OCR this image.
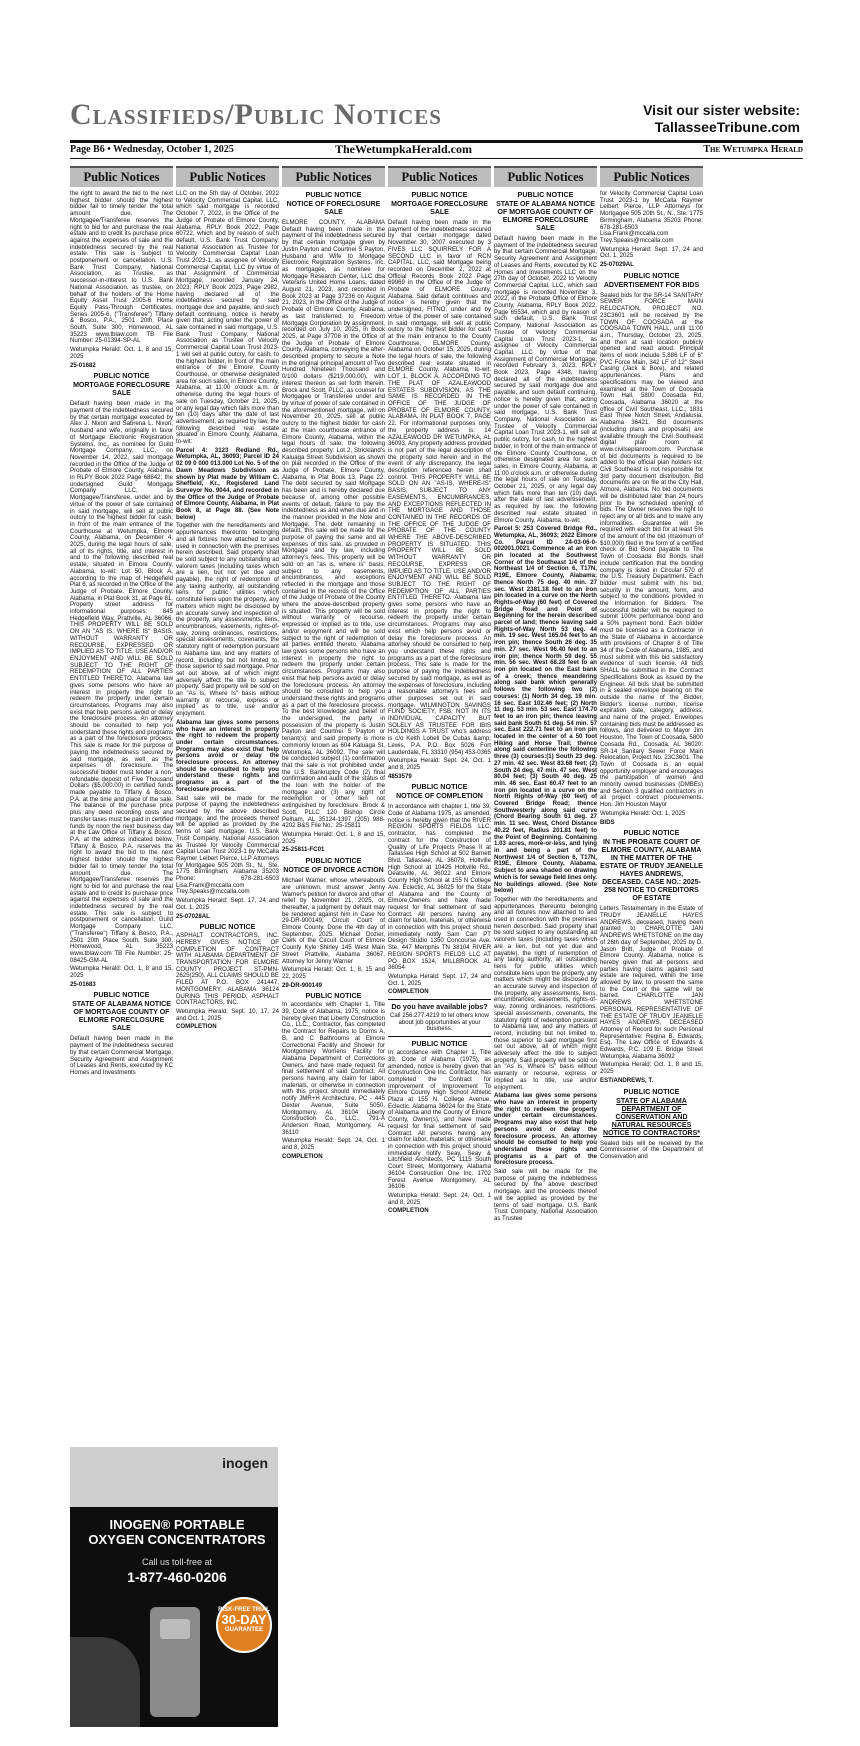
Classifieds/Public Notices	Visit our sister website:
TallasseeTribune.com
Page B6 • Wednesday, October 1, 2025	TheWetumpkaHerald.com	The Wetumpka Herald
Public Notices

the right to award the bid to the next highest bidder should the highest bidder fail to timely tender the total amount due. The Mortgagee/Transferee reserves the right to bid for and purchase the real estate and to credit its purchase price against the expenses of sale and the indebtedness secured by the real estate. This sale is subject to postponement or cancellation. U.S. Bank Trust Company, National Association, as Trustee, as successor-in-interest to U.S. Bank National Association, as trustee, on behalf of the holders of the Home Equity Asset Trust 2005-6 Home Equity Pass-Through Certificates, Series 2005-6, ("Transferee") Tiffany & Bosco, P.A., 2501 20th Place South, Suite 300, Homewood, AL 35223 www.tblaw.com TB File Number: 25-01394-SP-AL

Wetumpka Herald: Oct. 1, 8 and 15, 2025

25-01682

PUBLIC NOTICE
MORTGAGE FORECLOSURE SALE

Default having been made in the payment of the indebtedness secured by that certain mortgage executed by Alex J. Nixon and Sabrena L. Nixon, husband and wife, originally in favor of Mortgage Electronic Registration Systems, Inc., as nominee for Guild Mortgage Company, LLC, on November 14, 2022, said mortgage recorded in the Office of the Judge of Probate of Elmore County, Alabama, in RLPY Book 2022 Page 68842; the undersigned Guild Mortgage Company LLC, as Mortgagee/Transferee, under and by virtue of the power of sale contained in said mortgage, will sell at public outcry to the highest bidder for cash, in front of the main entrance of the Courthouse at Wetumpka, Elmore County, Alabama, on December 4, 2025, during the legal hours of sale, all of its rights, title, and interest in and to the following described real estate, situated in Elmore County, Alabama, to-wit: Lot 50, Block A, according to the map of Hedgefield Plat 6, as recorded in the Office of the Judge of Probate, Elmore County, Alabama, in Plat Book 31, at Page 81. Property street address for informational purposes: 845 Hedgefield Way, Prattville, AL 36066. THIS PROPERTY WILL BE SOLD ON AN "AS IS, WHERE IS" BASIS, WITHOUT WARRANTY OR RECOURSE, EXPRESSED OR IMPLIED AS TO TITLE, USE AND/OR ENJOYMENT AND WILL BE SOLD SUBJECT TO THE RIGHT OF REDEMPTION OF ALL PARTIES ENTITLED THERETO. Alabama law gives some persons who have an interest in property the right to redeem the property under certain circumstances. Programs may also exist that help persons avoid or delay the foreclosure process. An attorney should be consulted to help you understand these rights and programs as a part of the foreclosure process. This sale is made for the purpose of paying the indebtedness secured by said mortgage, as well as the expenses of foreclosure. The successful bidder must tender a non-refundable deposit of Five Thousand Dollars ($5,000.00) in certified funds made payable to Tiffany & Bosco, P.A. at the time and place of the sale. The balance of the purchase price plus any deed recording costs and transfer taxes must be paid in certified funds by noon the next business day at the Law Office of Tiffany & Bosco, P.A. at the address indicated below. Tiffany & Bosco, P.A. reserves the right to award the bid to the next highest bidder should the highest bidder fail to timely tender the total amount due. The Mortgagee/Transferee reserves the right to bid for and purchase the real estate and to credit its purchase price against the expenses of sale and the indebtedness secured by the real estate. This sale is subject to postponement or cancellation. Guild Mortgage Company LLC, ("Transferee") Tiffany & Bosco, P.A., 2501 20th Place South, Suite 300, Homewood, AL 35223 www.tblaw.com TB File Number: 25-08425-GM-AL

Wetumpka Herald: Oct. 1, 8 and 15, 2025

25-01683

PUBLIC NOTICE
STATE OF ALABAMA NOTICE OF MORTGAGE COUNTY OF ELMORE FORECLOSURE SALE

Default having been made in the payment of the indebtedness secured by that certain Commercial Mortgage, Security Agreement and Assignment of Leases and Rents, executed by KC Homes and Investments

Public Notices

LLC on the 5th day of October, 2022 to Velocity Commercial Capital, LLC, which said mortgage is recorded October 7, 2022, in the Office of the Judge of Probate of Elmore County, Alabama, RPLY Book 2022, Page 60722, which and by reason of such default, U.S. Bank Trust Company, National Association as Trustee for Velocity Commercial Capital Loan Trust 2023-1, as assignee of Velocity Commercial Capital, LLC by virtue of that Assignment of Commercial Mortgage, recorded January 24, 2023, RPLY Book 2023, Page 2982, having declared all of the indebtedness secured by said mortgage due and payable, and such default continuing, notice is hereby given that, acting under the power of sale contained in said mortgage, U.S. Bank Trust Company, National Association as Trustee of Velocity Commercial Capital Loan Trust 2023-1 will sell at public outcry, for cash, to the highest bidder, in front of the main entrance of the Elmore County Courthouse, or otherwise designated area for such sales, in Elmore County, Alabama, at 11:00 o'clock a.m. or otherwise during the legal hours of sale on Tuesday, October 21, 2025, or any legal day which falls more than ten (10) days after the date of last advertisement, as required by law, the following described real estate situated in Elmore County, Alabama, to-wit:

Parcel 4: 3123 Redland Rd., Wetumpka, AL, 36093; Parcel ID 24 02 09 0 000 013.000 Lot No. 5 of the Dawn Meadows Subdivision as shown by Plat made by William C. Sheffield, Kr., Registered Land Surveyor No. 9044, and recorded in the Office of the Judge of Probate of Elmore County, Alabama, in Plat Book 8, at Page 88. (See Note below)

Together with the hereditaments and appurtenances thereunto belonging and all fixtures now attached to and used in connection with the premises herein described. Said property shall be sold subject to any outstanding ad valorem taxes (including taxes which are a lien, but not yet due and payable), the right of redemption of any taxing authority, all outstanding liens for public utilities which constitute liens upon the property, any matters which might be disclosed by an accurate survey and inspection of the property, any assessments, liens, encumbrances, easements, rights-of-way, zoning ordinances, restrictions, special assessments, covenants, the statutory right of redemption pursuant to Alabama law, and any matters of record, including but not limited to, those superior to said mortgage. Prior set out above, all of which might adversely affect the title to subject property. Said property will be sold on an "As Is, Where Is" basis without warranty or recourse, express or implied as to title, use and/or enjoyment.

Alabama law gives some persons who have an interest in property the right to redeem the property under certain circumstances. Programs may also exist that help persons avoid or delay the foreclosure process. An attorney should be consulted to help you understand these rights and programs as a part of the foreclosure process.

Said sale will be made for the purpose of paying the indebtedness secured by the above described mortgage, and the proceeds thereof will be applied as provided by the terms of said mortgage. U.S. Bank Trust Company, National Association as Trustee for Velocity Commercial Capital Loan Trust 2023-1 by McCalla Raymer Leibert Pierce, LLP Attorneys for Mortgagee 505 20th St., N., Ste. 1775 Birmingham, Alabama 35203 Phone: 678-281-6503 Lisa.Frank@mccalla.com Trey.Speaks@mccalla.com

Wetumpka Herald: Sept. 17, 24 and Oct. 1, 2025

25-07028AL

PUBLIC NOTICE

ASPHALT CONTRACTORS, INC. HEREBY GIVES NOTICE OF COMPLETION OF CONTRACT WITH ALABAMA DEPARTMENT OF TRANSPORTATION FOR ELMORE COUNTY PROJECT ST-PMN-2625(250). ALL CLAIMS SHOULD BE FILED AT P.O. BOX 241447, MONTGOMERY, ALABAMA 36124 DURING THIS PERIOD. ASPHALT CONTRACTORS, INC.

Wetumpka Herald: Sept. 10, 17, 24 and Oct. 1, 2025

COMPLETION

inogen
INOGEN® PORTABLE OXYGEN CONCENTRATORS
Call us toll-free at
1-877-460-0206
RISK-FREE TRIAL
30-DAY
GUARANTEE
Public Notices
PUBLIC NOTICE
NOTICE OF FORECLOSURE SALE

ELMORE COUNTY, ALABAMA Default having been made in the payment of the indebtedness secured by that certain mortgage given by Justin Payton and Courtnei S Payton, Husband and Wife to Mortgage Electronic Registration Systems, Inc. as mortgagee, as nominee for Mortgage Research Center, LLC dba Veterans United Home Loans, dated August 21, 2023, and recorded in Book 2023 at Page 37236 on August 21, 2023, in the Office of the Judge of Probate of Elmore County, Alabama, as last transferred to Freedom Mortgage Corporation by assignment, recorded on July 10, 2025, in Book 2025, at Page 37708 in the Office of the Judge of Probate of Elmore County, Alabama, conveying the after-described property to secure a Note in the original principal amount of Two Hundred Nineteen Thousand and 0/100 dollars ($219,000.00), with interest thereon as set forth therein. Brock and Scott, PLLC, as counsel for Mortgagee or Transferee under and by virtue of power of sale contained in the aforementioned mortgage, will on November 20, 2025, sell at public outcry to the highest bidder for cash at the main courthouse entrance of Elmore County, Alabama, within the legal hours of sale, the following described property: Lot 2, Strickland's Kaluaga Street Subdivision as shown on plat recorded in the Office of the Judge of Probate, Elmore County, Alabama, in Plat Book 13, Page 22. The debt secured by said Mortgage has been and is hereby declared due because of, among other possible events of default, failure to pay the indebtedness as and when due and in the manner provided in the Note and Mortgage. The debt remaining in default, this sale will be made for the purpose of paying the same and all expenses of this sale, as provided in Mortgage and by law, including attorney's fees. This property will be sold on an "as is, where is" basis, subject to any easements, encumbrances, and exceptions reflected in the mortgage and those contained in the records of the Office of the Judge of Probate of the County where the above-described property is situated. This property will be sold without warranty or recourse, expressed or implied as to title, use and/or enjoyment and will be sold subject to the right of redemption of all parties entitled thereto. Alabama law gives some persons who have an interest in property the right to redeem the property under certain circumstances. Programs may also exist that help persons avoid or delay the foreclosure process. An attorney should be consulted to help you understand these rights and programs as a part of the foreclosure process. To the best knowledge and belief of the undersigned, the party in possession of the property is Justin Payton and Courtnei S Payton or tenant(s); and said property is more commonly known as 604 Kaluaga St, Wetumpka, AL 36092. The sale will be conducted subject (1) confirmation that the sale is not prohibited under the U.S. Bankruptcy Code (2) final confirmation and audit of the status of the loan with the holder of the mortgage and (3) any right of redemption or other lien not extinguished by foreclosure. Brock & Scott, PLLC 120 Bishop Circle Pelham, AL 35124-1397 (205) 988-4202 B&S File No.: 25-25811

Wetumpka Herald: Oct. 1, 8 and 15, 2025

25-25811-FC01

PUBLIC NOTICE
NOTICE OF DIVORCE ACTION

Michael Warner, whose whereabouts are unknown, must answer Jenny Warner's petition for divorce and other relief by November 21, 2025, or, thereafter, a judgment by default may be rendered against him in Case No 29-DR-900149, Circuit Court of Elmore County. Done the 4th day of September, 2025. Michael Dozier, Clerk of the Circuit Court of Elmore County Kyle Shirley 145 West Main Street Prattville, Alabama 36067, Attorney for Jenny Warner

Wetumpka Herald: Oct. 1, 8, 15 and 22, 2025

29-DR-900149

PUBLIC NOTICE

In accordance with Chapter 1, Title 39, Code of Alabama, 1975, notice is hereby given that Liberty Construction Co., LLC., Contractor, has completed the Contract for Repairs to Dorms A, B, and C Bathrooms at Elmore Correctional Facility and Shower for Montgomery Womens Facility for Alabama Department of Corrections Owners, and have made request for final settlement of said Contract. All persons having any claim for labor, materials, or otherwise in connection with this project should immediately notify JMR+H Architecture, PC - 445 Dexter Avenue, Suite 5050, Montgomery, AL 36104 Liberty Construction Co., LLC., 791-A Anderson Road, Montgomery, AL 36110

Wetumpka Herald: Sept. 24, Oct. 1 and 8, 2025

COMPLETION

Public Notices
PUBLIC NOTICE
MORTGAGE FORECLOSURE SALE

Default having been made in the payment of the indebtedness secured by that certain mortgage dated November 30, 2007 executed by 3 FIVES LLC SQUIRRELY FOR A SECOND LLC in favor of RCN CAPITAL, LLC, said Mortgage being recorded on December 2, 2022 at Official Records Book 2022 Page 69969 in the Office of the Judge of Probate of ELMORE County, Alabama. Said default continues and notice is hereby given that the undersigned, FITNO, under and by virtue of the power of sale contained in said mortgage, will sell at public outcry to the highest bidder for cash at the main entrance to the County Courthouse, ELMORE County, Alabama on October 15, 2025, during the legal hours of sale, the following described real estate situated in ELMORE County, Alabama, to-wit: LOT 1, BLOCK A, ACCORDING TO THE PLAT OF AZALEAWOOD ESTATES SUBDIVISION, AS THE SAME IS RECORDED IN THE OFFICE OF THE JUDGE OF PROBATE OF ELMORE COUNTY, ALABAMA, IN PLAT BOOK 7, PAGE 22. For informational purposes only, the property address is: 14 AZALEAWOOD DR WETUMPKA, AL 36093. Any property address provided is not part of the legal description of the property sold herein and in the event of any discrepancy, the legal description referenced herein shall control. THIS PROPERTY WILL BE SOLD ON AN "AS-IS, WHERE-IS" BASIS, SUBJECT TO ANY EASEMENTS, ENCUMBRANCES, AND EXCEPTIONS REFLECTED IN THE MORTGAGE AND THOSE CONTAINED IN THE RECORDS OF THE OFFICE OF THE JUDGE OF PROBATE OF THE COUNTY WHERE THE ABOVE-DESCRIBED PROPERTY IS SITUATED. THIS PROPERTY WILL BE SOLD WITHOUT WARRANTY OR RECOURSE, EXPRESS OR IMPLIED AS TO TITLE, USE AND/OR ENJOYMENT AND WILL BE SOLD SUBJECT TO THE RIGHT OF REDEMPTION OF ALL PARTIES ENTITLED THERETO. Alabama law gives some persons who have an interest in property the right to redeem the property under certain circumstances. Programs may also exist which help persons avoid or delay the foreclosure process. An attorney should be consulted to help you understand these rights and programs as a part of the foreclosure process. This sale is made for the purpose of paying the indebtedness secured by said mortgage, as well as the expenses of foreclosure, including a reasonable attorney's fees and other purposes set out in said mortgage. WILMINGTON SAVINGS FUND SOCIETY, FSB, NOT IN ITS INDIVIDUAL CAPACITY BUT SOLELY AS TRUSTEE FOR IBIS HOLDINGS A TRUST who's address is c/o Keith Lobell De Cubas &amp; Lewis, P.A. P.O. Box 5026 Fort Lauderdale, FL 33310 (954) 453-0365

Wetumpka Herald: Sept. 24, Oct. 1 and 8, 2025

4853579

PUBLIC NOTICE
NOTICE OF COMPLETION

In accordance with chapter 1, title 39, Code of Alabama 1975, as amended, notice is hereby given that the RIVER REGION SPORTS FIELDS LLC, contractor, has completed the contract for the Construction of Quality of Life Projects Phase II at Tallassee High School at 502 Barnett Blvd, Tallassee, AL 36078, Holtville High School at 10425 Holtville Rd., Deatsville, AL 36022 and Elmore County High School at 155 N College Ave. Eclectic, AL 36025 for the State of Alabama and the County of Elmore,Owners and have made request for final settlement of said Contract. All persons having any claim for labor, materials, or otherwise in connection with this project should immediately notify Sam Carr PT Design Studio 1350 Concourse Ave. Ste. 447 Memphis TN 38104 RIVER REGION SPORTS FIELDS LLC AT PO BOX 1524, MILLBROOK AL 36054

Wetumpka Herald: Sept. 17, 24 and Oct. 1, 2025

COMPLETION

Do you have available jobs?

Call 256.277.4219 to let others know about job opportunities at your business.

PUBLIC NOTICE

In accordance with Chapter 1, Title 39, Code of Alabama (1975), as amended, notice is hereby given that Construction One Inc. Contractor, has completed the Contract for Improvement of Improvement To Elmore County High School Athletic Plaza at 155 N. College Avenue, Eclectic, Alabama 36024 for the State of Alabama and the County of Elmore County, Owner(s), and have made request for final settlement of said Contract. All persons having any claim for labor, materials, or otherwise in connection with this project should immediately notify Seay, Seay & Litchfield Architects, PC 1115 South Court Street, Montgomery, Alabama 36104 Construction One Inc. 1702 Forest Avenue Montgomery, AL 36106

Wetumpka Herald: Sept. 24, Oct. 1 and 8, 2025

COMPLETION

Public Notices
PUBLIC NOTICE
STATE OF ALABAMA NOTICE OF MORTGAGE COUNTY OF ELMORE FORECLOSURE SALE

Default having been made in the payment of the indebtedness secured by that certain Commercial Mortgage, Security Agreement and Assignment of Leases and Rents, executed by KC Homes and Investments LLC on the 27th day of October, 2022 to Velocity Commercial Capital, LLC, which said mortgage is recorded November 3, 2022, in the Probate Office of Elmore County, Alabama, RPLY Book 2022, Page 65534, which and by reason of such default, U.S. Bank Trust Company, National Association as Trustee of Velocity Commercial Capital Loan Trust 2023-1, as assignee of Velocity Commercial Capital, LLC by virtue of that Assignment of Commercial Mortgage, recorded February 3, 2023, RPLY Book 2023, Page 4348, having declared all of the indebtedness secured by said mortgage due and payable, and such default continuing, notice is hereby given that, acting under the power of sale contained in said mortgage, U.S. Bank Trust Company, National Association as Trustee of Velocity Commercial Capital Loan Trust 2023-1, will sell at public outcry, for cash, to the highest bidder, in front of the main entrance of the Elmore County Courthouse, or otherwise designated area for such sales, in Elmore County, Alabama, at 11:00 o'clock a.m. or otherwise during the legal hours of sale on Tuesday, October 21, 2025, or any legal day which falls more than ten (10) days after the date of last advertisement, as required by law, the following described real estate situated in Elmore County, Alabama, to-wit:

Parcel 5: 253 Covered Bridge Rd., Wetumpka, AL, 36093; 2022 Elmore Co. Parcel ID 24-03-06-0-002001.0021 Commence at an iron pin located at the Southwest Corner of the Southeast 1/4 of the Northeast 1/4 of Section 6, T17N, R19E, Elmore County, Alabama; thence North 75 deg. 40 min. 27 sec. West 2381.18 feet to an iron pin located in a curve on the North Rights-of-Way (60 feet) of Covered Bridge Road and Point of Beginning for the herein described parcel of land; thence leaving said Rights-of-Way North 53 deg. 44 min. 19 sec. West 165.04 feet to an iron pin; thence South 26 deg. 35 min. 27 sec. West 96.40 feet to an iron pin; thence North 59 deg. 55 min. 56 sec. West 68.28 feet to an iron pin located on the East bank of a creek; thence meandering along said bank which generally follows the following two (2) courses: (1) North 34 deg. 19 min. 16 sec. East 102.46 feet; (2) North 11 deg. 53 min. 53 sec. East 174.70 feet to an iron pin; thence leaving said bank South 61 deg. 54 min. 57 sec. East 222.71 feet to an iron pin located in the center of a 50 foot Hiking and Horse Trail; thence along said centerline the following three (3) courses:(1) South 23 deg. 27 min. 42 sec. West 83.68 feet; (2) South 24 deg. 47 min. 47 sec. West 80.04 feet; (3) South 40 deg. 25 min. 46 sec. East 60.47 feet to an iron pin located in a curve on the North Rights of-Way (60 feet) of Covered Bridge Road; thence Southwesterly along said curve (Chord Bearing South 61 deg. 27 min. 11 sec. West, Chord Distance 40.22 feet, Radius 201.81 feet) to the Point of Beginning. Containing 1.03 acres, more-or-less, and lying in and being a part of the Northwest 1/4 of Section 6, T17N, R19E, Elmore County, Alabama. Subject to area shaded on drawing which is for sewage field lines only. No buildings allowed. (See Note below)

Together with the hereditaments and appurtenances thereunto belonging and all fixtures now attached to and used in connection with the premises herein described. Said property shall be sold subject to any outstanding ad valorem taxes (including taxes which are a lien, but not yet due and payable), the right of redemption of any taxing authority, all outstanding liens for public utilities which constitute liens upon the property, any matters which might be disclosed by an accurate survey and inspection of the property, any assessments, liens, encumbrances, easements, rights-of-way, zoning ordinances, restrictions, special assessments, covenants, the statutory right of redemption pursuant to Alabama law, and any matters of record, including but not limited to, those superior to said mortgage first set out above, all of which might adversely affect the title to subject property. Said property will be sold on an "As Is, Where Is" basis without warranty or recourse, express or implied as to title, use and/or enjoyment.

Alabama law gives some persons who have an interest in property the right to redeem the property under certain circumstances. Programs may also exist that help persons avoid or delay the foreclosure process. An attorney should be consulted to help you understand these rights and programs as a part of the foreclosure process.

Said sale will be made for the purpose of paying the indebtedness secured by the above described mortgage, and the proceeds thereof will be applied as provided by the terms of said mortgage. U.S. Bank Trust Company, National Association as Trustee

Public Notices

for Velocity Commercial Capital Loan Trust 2023-1 by McCalla Raymer Leibert Pierce, LLP Attorneys for Mortgagee 505 20th St., N., Ste. 1775 Birmingham, Alabama 35203 Phone: 678-281-6503 Lisa.Frank@mccalla.com Trey.Speaks@mccalla.com

Wetumpka Herald: Sept. 17, 24 and Oct. 1, 2025

25-07029AL

PUBLIC NOTICE
ADVERTISEMENT FOR BIDS

Sealed bids for the SR-14 SANITARY SEWER FORCE MAIN RELOCATION, PROJECT NO. 23C3601 will be received by the TOWN OF COOSADA at the COOSADA TOWN HALL, until 11:00 a.m., Thursday, October 23, 2025, and then at said location publicly opened and read aloud. Principal items of work include 5,886 LF of 6" PVC Force Main, 342 LF of 12" Steel Casing (Jack & Bore), and related appurtenances. Plans and specifications may be viewed and examined at the Town of Coosada Town Hall, 5800 Coosada Rd, Coosada, Alabama 36020 at the office of Civil Southeast, LLC., 1831 East Three Notch Street, Andalusia, Alabama 36421. Bid documents (including plans and proposals) are available through the Civil Southeast digital plan room at www.civilseplanroom.com. Purchase of bid documents is required to be added to the official plan holders list. Civil Southeast is not responsible for 3rd party document distribution. Bid documents are on file at the City Hall, Atmore, Alabama. No bid documents will be distributed later than 24 hours prior to the scheduled opening of bids. The Owner reserves the right to reject any or all bids and to waive any informalities. Guarantee will be required with each bid for at least 5% of the amount of the bid (maximum of $10,000) filed in the form of a certified check or Bid Bond payable to The Town of Coosada. Bid Bonds shall include certification that the bonding company is listed in Circular 570 of the U.S. Treasury Department. Each bidder must submit with his bid, security in the amount, form, and subject to the conditions provided in the Information for Bidders. The successful bidder will be required to submit 100% performance bond and a 50% payment bond. Each bidder must be licensed as a Contractor in the State of Alabama in accordance with provisions of Chapter 8 of Title 34 of the Code of Alabama, 1985, and must submit with this bid satisfactory evidence of such license. All bids SHALL be submitted in the Contract Specifications Book as issued by the Engineer. All bids shall be submitted in a sealed envelope bearing on the outside the name of the Bidder, Bidder's license number, license expiration date, category, address, and name of the project. Envelopes containing bids must be addressed as follows, and delivered to Mayor Jim Houston, The Town of Coosada, 5800 Coosada Rd., Coosada, AL 36020: SR-14 Sanitary Sewer Force Main Relocation, Project No. 23C3601. The Town of Coosada is an equal opportunity employer and encourages the participation of women and minority owned businesses (DMBEs) and Section 3 qualified contractors in all project contract procurements. Hon. Jim Houston Mayor

Wetumpka Herald: Oct. 1, 2025

BIDS

PUBLIC NOTICE
IN THE PROBATE COURT OF ELMORE COUNTY, ALABAMA IN THE MATTER OF THE ESTATE OF TRUDY JEANELLE HAYES ANDREWS, DECEASED. CASE NO.: 2025-258 NOTICE TO CREDITORS OF ESTATE

Letters Testamentary in the Estate of TRUDY JEANELLE HAYES ANDREWS, deceased, having been granted to CHARLOTTE JAN ANDREWS WHETSTONE on the day of 26th day of September, 2025 by D. Jason Britt, Judge of Probate of Elmore County. Alabama, notice is hereby given that all persons and parties having claims against said estate are required, within the time allowed by law, to present the same to the Court or the same will be barred. CHARLOTTE JAN ANDREWS WHETSTONE PERSONAL REPRESENTATIVE OF THE ESTATE OF TRUDY JEANELLE HAYES ANDREWS, DECEASED Attorney of Record for such Personal Representative: Regina B. Edwards, Esq. The Law Office of Edwards & Edwards, P.C. 109 E. Bridge Street Wetumpka, Alabama 36092

Wetumpka Herald: Oct. 1, 8 and 15, 2025

EST/ANDREWS, T.

PUBLIC NOTICE
STATE OF ALABAMA DEPARTMENT OF CONSERVATION AND NATURAL RESOURCES NOTICE TO CONTRACTORS*

Sealed bids will be received by the Commissioner of the Department of Conservation and
